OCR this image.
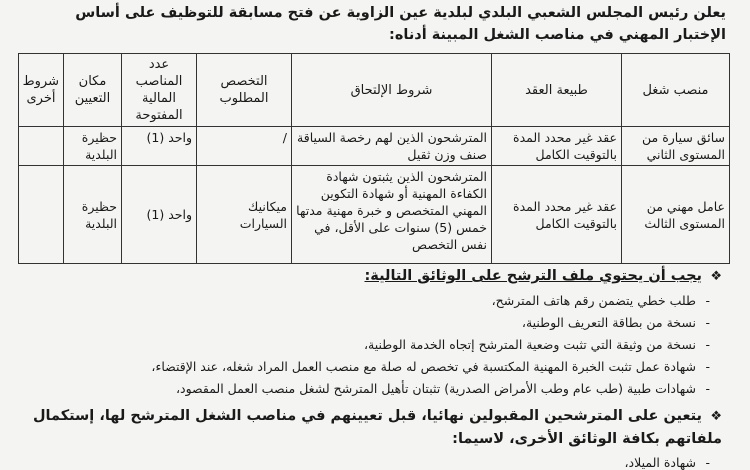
يعلن رئيس المجلس الشعبي البلدي لبلدية عين الزاوية عن فتح مسابقة للتوظيف على أساس الإختبار المهني في مناصب الشغل المبينة أدناه:
منصب شغل	طبيعة العقد	شروط الإلتحاق	التخصص المطلوب	عدد المناصب المالية المفتوحة	مكان التعيين	شروط أخرى
سائق سيارة من المستوى الثاني	عقد غير محدد المدة بالتوقيت الكامل	المترشحون الذين لهم رخصة السياقة صنف وزن ثقيل	/	واحد (1)	حظيرة البلدية	
عامل مهني من المستوى الثالث	عقد غير محدد المدة بالتوقيت الكامل	المترشحون الذين يثبتون شهادة الكفاءة المهنية أو شهادة التكوين المهني المتخصص و خبرة مهنية مدتها خمس (5) سنوات على الأقل، في نفس التخصص	ميكانيك السيارات	واحد (1)	حظيرة البلدية	
❖يجب أن يحتوي ملف الترشح على الوثائق التالية:
- طلب خطي يتضمن رقم هاتف المترشح،
- نسخة من بطاقة التعريف الوطنية،
- نسخة من وثيقة التي تثبت وضعية المترشح إتجاه الخدمة الوطنية،
- شهادة عمل تثبت الخبرة المهنية المكتسبة في تخصص له صلة مع منصب العمل المراد شغله، عند الإقتضاء،
- شهادات طبية (طب عام وطب الأمراض الصدرية) تثبتان تأهيل المترشح لشغل منصب العمل المقصود،
❖يتعين على المترشحين المقبولين نهائيا، قبل تعيينهم في مناصب الشغل المترشح لها، إستكمال ملفاتهم بكافة الوثائق الأخرى، لاسيما:
- شهادة الميلاد،
